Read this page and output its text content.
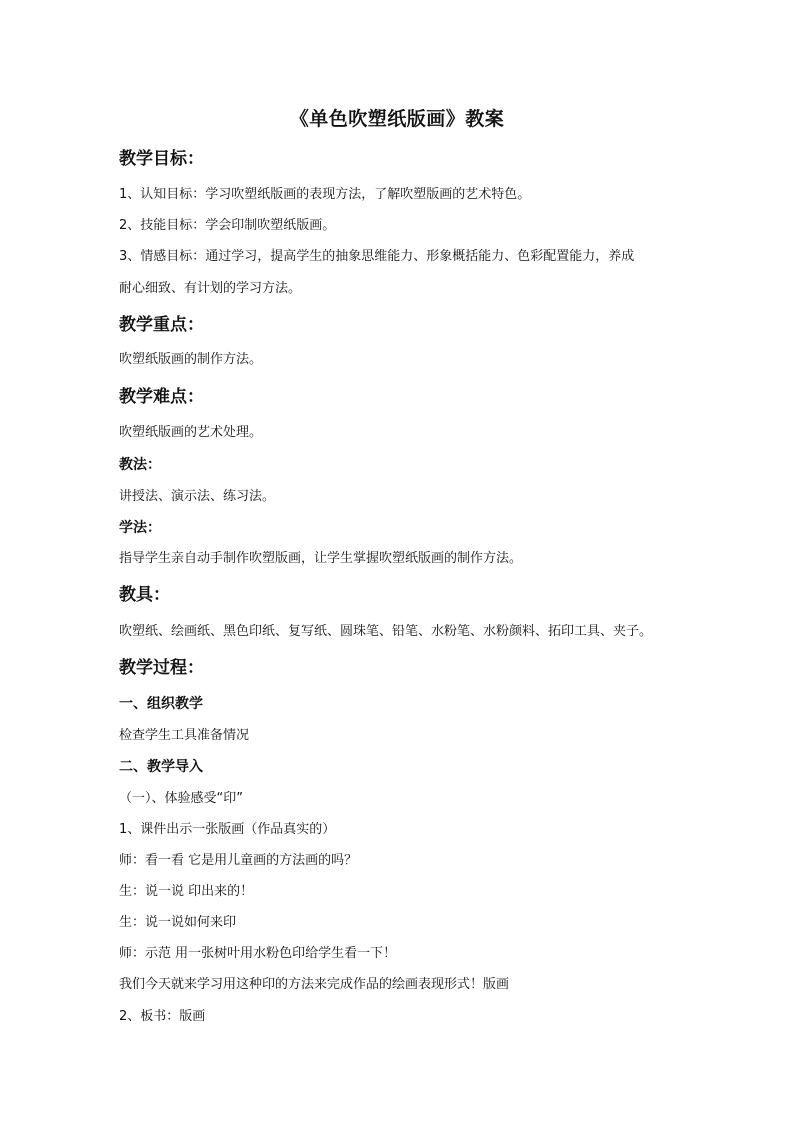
《单色吹塑纸版画》教案
教学目标：
1、认知目标：学习吹塑纸版画的表现方法，了解吹塑版画的艺术特色。
2、技能目标：学会印制吹塑纸版画。
3、情感目标：通过学习，提高学生的抽象思维能力、形象概括能力、色彩配置能力，养成
耐心细致、有计划的学习方法。
教学重点：
吹塑纸版画的制作方法。
教学难点：
吹塑纸版画的艺术处理。
教法：
讲授法、演示法、练习法。
学法：
指导学生亲自动手制作吹塑版画，让学生掌握吹塑纸版画的制作方法。
教具：
吹塑纸、绘画纸、黑色印纸、复写纸、圆珠笔、铅笔、水粉笔、水粉颜料、拓印工具、夹子。
教学过程：
一、组织教学
检查学生工具准备情况
二、教学导入
（一）、体验感受“印”
1、课件出示一张版画（作品真实的）
师：看一看 它是用儿童画的方法画的吗？
生：说一说 印出来的！
生：说一说如何来印
师：示范 用一张树叶用水粉色印给学生看一下！
我们今天就来学习用这种印的方法来完成作品的绘画表现形式！版画
2、板书：版画
